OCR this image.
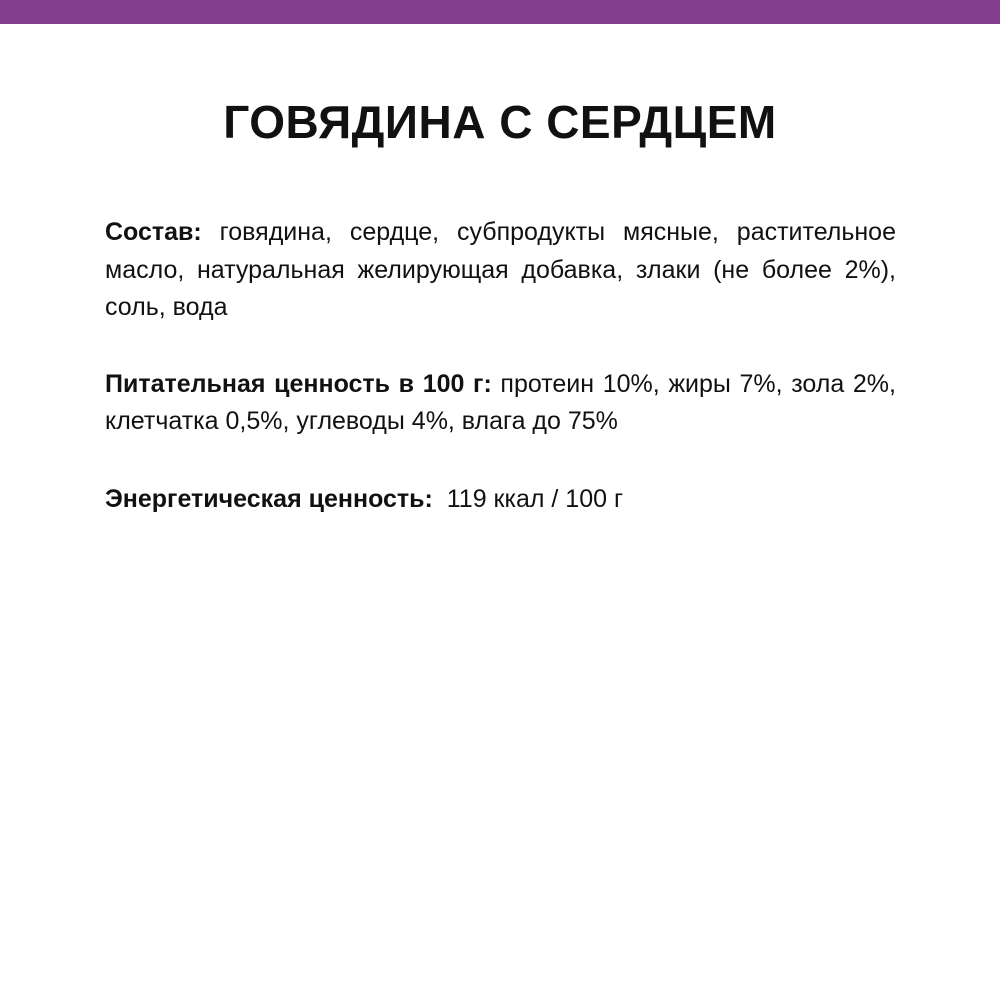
ГОВЯДИНА С СЕРДЦЕМ

Состав: говядина, сердце, субпродукты мясные, растительное масло, натуральная желирующая добавка, злаки (не более 2%), соль, вода

Питательная ценность в 100 г: протеин 10%, жиры 7%, зола 2%, клетчатка 0,5%, углеводы 4%, влага до 75%

Энергетическая ценность:  119 ккал / 100 г
